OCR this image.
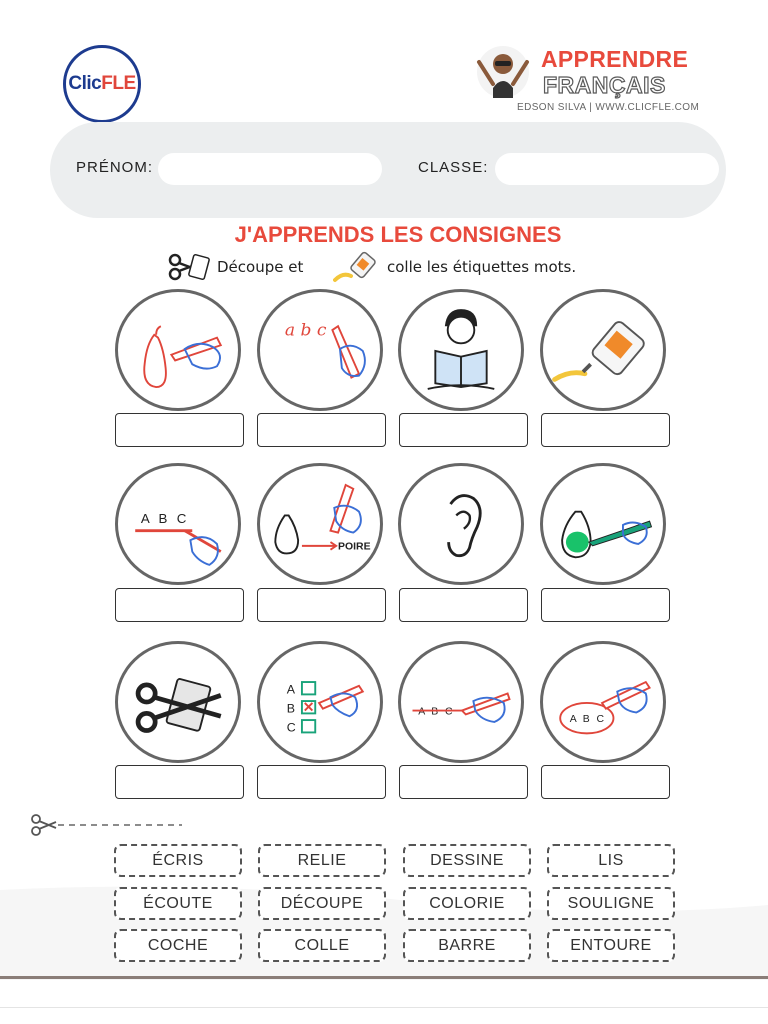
Clic FLE
APPRENDRE
FRANÇAIS
EDSON SILVA | WWW.CLICFLE.COM
PRÉNOM:	CLASSE:
J'APPRENDS LES CONSIGNES
Découpe et	colle les étiquettes mots.
a b c
A B C
POIRE
A
B
C
A B C
A B C
ÉCRIS	RELIE	DESSINE	LIS
ÉCOUTE	DÉCOUPE	COLORIE	SOULIGNE
COCHE	COLLE	BARRE	ENTOURE
